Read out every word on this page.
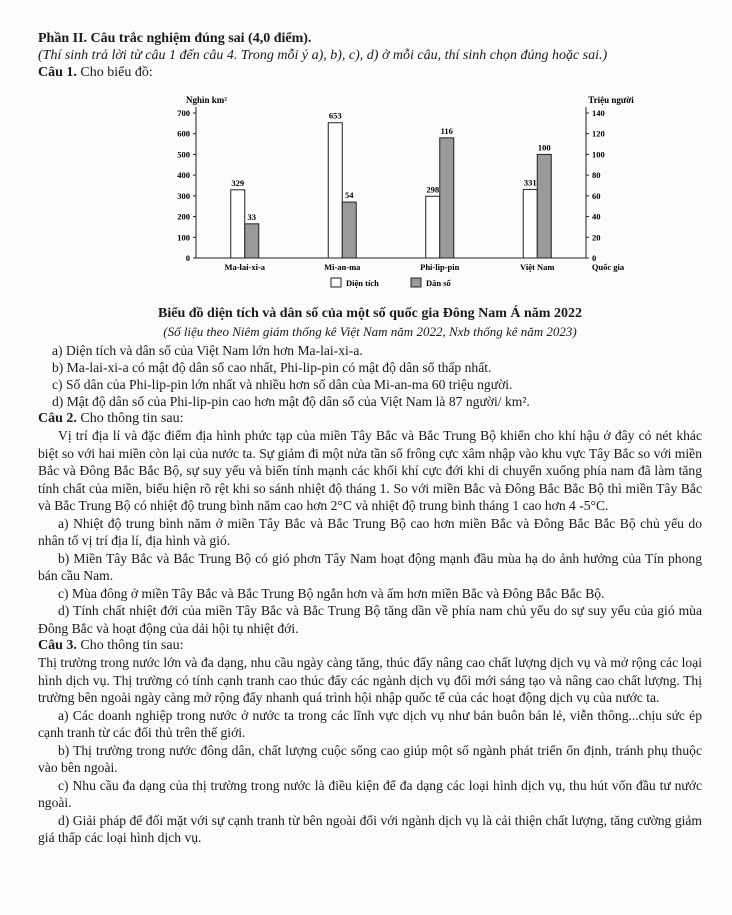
Phần II. Câu trắc nghiệm đúng sai (4,0 điểm).

(Thí sinh trả lời từ câu 1 đến câu 4. Trong mỗi ý a), b), c), d) ở mỗi câu, thí sinh chọn đúng hoặc sai.)

Câu 1. Cho biểu đồ:

Nghìn km²	Triệu người
0
100
200
300
400
500
600
700
0
20
40
60
80
100
120
140
329
33
Ma-lai-xi-a
653
54
Mi-an-ma
298
116
Phi-lip-pin
331
100
Việt Nam	Quốc gia
Diện tích	Dân số

Biểu đồ diện tích và dân số của một số quốc gia Đông Nam Á năm 2022

(Số liệu theo Niêm giám thống kê Việt Nam năm 2022, Nxb thống kê năm 2023)

a) Diện tích và dân số của Việt Nam lớn hơn Ma-lai-xi-a.

b) Ma-lai-xi-a có mật độ dân số cao nhất, Phi-lip-pin có mật độ dân số thấp nhất.

c) Số dân của Phi-lip-pin lớn nhất và nhiều hơn số dân của Mi-an-ma 60 triệu người.

d) Mật độ dân số của Phi-lip-pin cao hơn mật độ dân số của Việt Nam là 87 người/ km².

Câu 2. Cho thông tin sau:

Vị trí địa lí và đặc điểm địa hình phức tạp của miền Tây Bắc và Bắc Trung Bộ khiến cho khí hậu ở đây có nét khác biệt so với hai miền còn lại của nước ta. Sự giảm đi một nửa tần số frông cực xâm nhập vào khu vực Tây Bắc so với miền Bắc và Đông Bắc Bắc Bộ, sự suy yếu và biến tính mạnh các khối khí cực đới khi di chuyển xuống phía nam đã làm tăng tính chất của miền, biểu hiện rõ rệt khi so sánh nhiệt độ tháng 1. So với miền Bắc và Đông Bắc Bắc Bộ thì miền Tây Bắc và Bắc Trung Bộ có nhiệt độ trung bình năm cao hơn 2°C và nhiệt độ trung bình tháng 1 cao hơn 4 -5°C.

a) Nhiệt độ trung bình năm ở miền Tây Bắc và Bắc Trung Bộ cao hơn miền Bắc và Đông Bắc Bắc Bộ chủ yếu do nhân tố vị trí địa lí, địa hình và gió.

b) Miền Tây Bắc và Bắc Trung Bộ có gió phơn Tây Nam hoạt động mạnh đầu mùa hạ do ảnh hưởng của Tín phong bán cầu Nam.

c) Mùa đông ở miền Tây Bắc và Bắc Trung Bộ ngắn hơn và ấm hơn miền Bắc và Đông Bắc Bắc Bộ.

d) Tính chất nhiệt đới của miền Tây Bắc và Bắc Trung Bộ tăng dần về phía nam chủ yếu do sự suy yếu của gió mùa Đông Bắc và hoạt động của dải hội tụ nhiệt đới.

Câu 3. Cho thông tin sau:

Thị trường trong nước lớn và đa dạng, nhu cầu ngày càng tăng, thúc đẩy nâng cao chất lượng dịch vụ và mở rộng các loại hình dịch vụ. Thị trường có tính cạnh tranh cao thúc đẩy các ngành dịch vụ đổi mới sáng tạo và nâng cao chất lượng. Thị trường bên ngoài ngày càng mở rộng đẩy nhanh quá trình hội nhập quốc tế của các hoạt động dịch vụ của nước ta.

a) Các doanh nghiệp trong nước ở nước ta trong các lĩnh vực dịch vụ như bán buôn bán lẻ, viễn thông...chịu sức ép cạnh tranh từ các đối thủ trên thế giới.

b) Thị trường trong nước đông dân, chất lượng cuộc sống cao giúp một số ngành phát triển ổn định, tránh phụ thuộc vào bên ngoài.

c) Nhu cầu đa dạng của thị trường trong nước là điều kiện để đa dạng các loại hình dịch vụ, thu hút vốn đầu tư nước ngoài.

d) Giải pháp để đối mặt với sự cạnh tranh từ bên ngoài đối với ngành dịch vụ là cải thiện chất lượng, tăng cường giảm giá thấp các loại hình dịch vụ.
